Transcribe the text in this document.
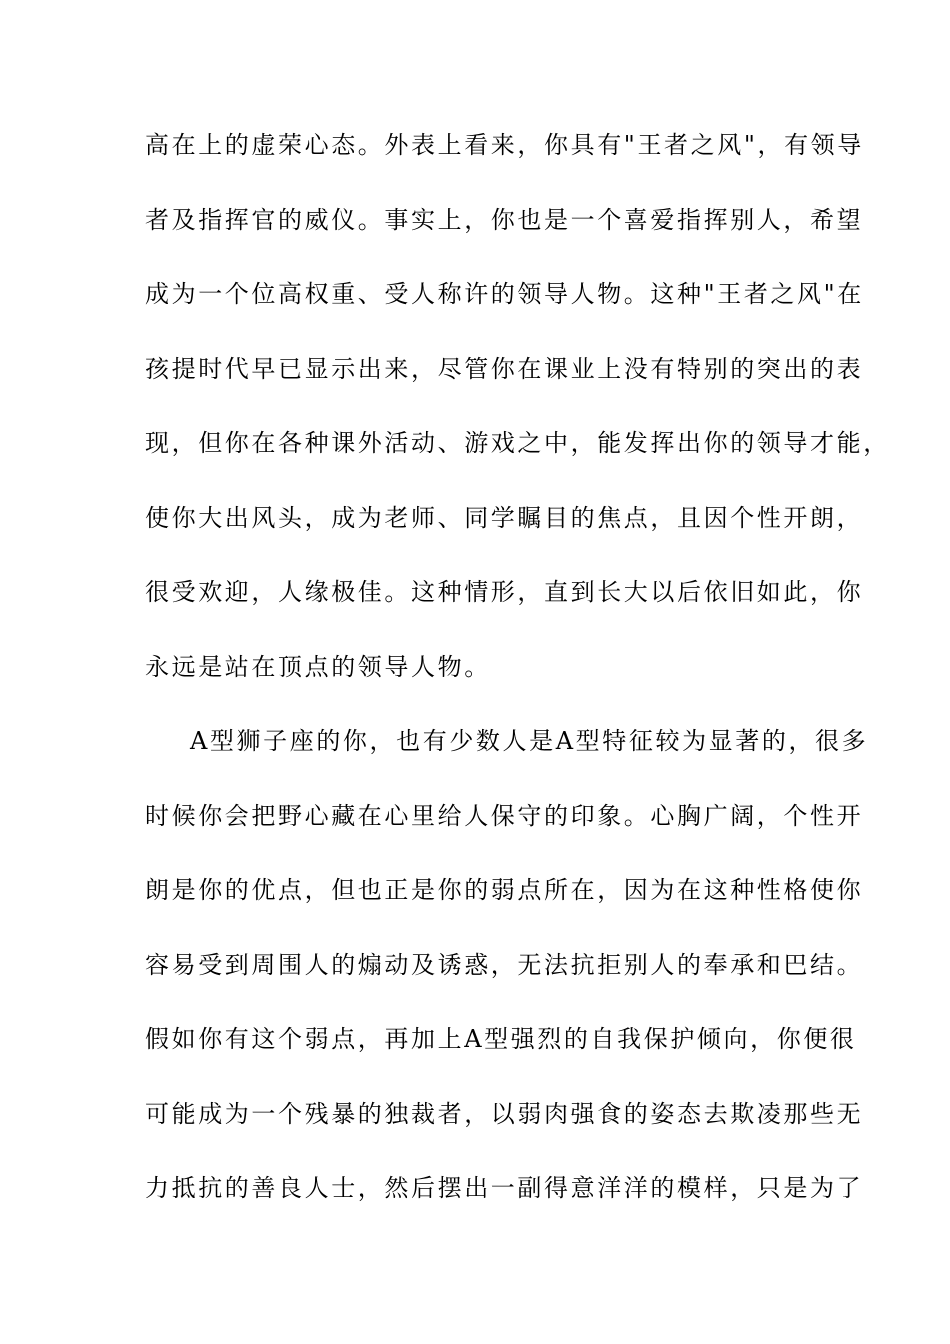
高在上的虚荣心态。外表上看来，你具有"王者之风"，有领导
者及指挥官的威仪。事实上，你也是一个喜爱指挥别人，希望
成为一个位高权重、受人称许的领导人物。这种"王者之风"在
孩提时代早已显示出来，尽管你在课业上没有特别的突出的表
现，但你在各种课外活动、游戏之中，能发挥出你的领导才能，
使你大出风头，成为老师、同学瞩目的焦点，且因个性开朗，
很受欢迎，人缘极佳。这种情形，直到长大以后依旧如此，你
永远是站在顶点的领导人物。
A型狮子座的你，也有少数人是A型特征较为显著的，很多
时候你会把野心藏在心里给人保守的印象。心胸广阔，个性开
朗是你的优点，但也正是你的弱点所在，因为在这种性格使你
容易受到周围人的煽动及诱惑，无法抗拒别人的奉承和巴结。
假如你有这个弱点，再加上A型强烈的自我保护倾向，你便很
可能成为一个残暴的独裁者，以弱肉强食的姿态去欺凌那些无
力抵抗的善良人士，然后摆出一副得意洋洋的模样，只是为了
